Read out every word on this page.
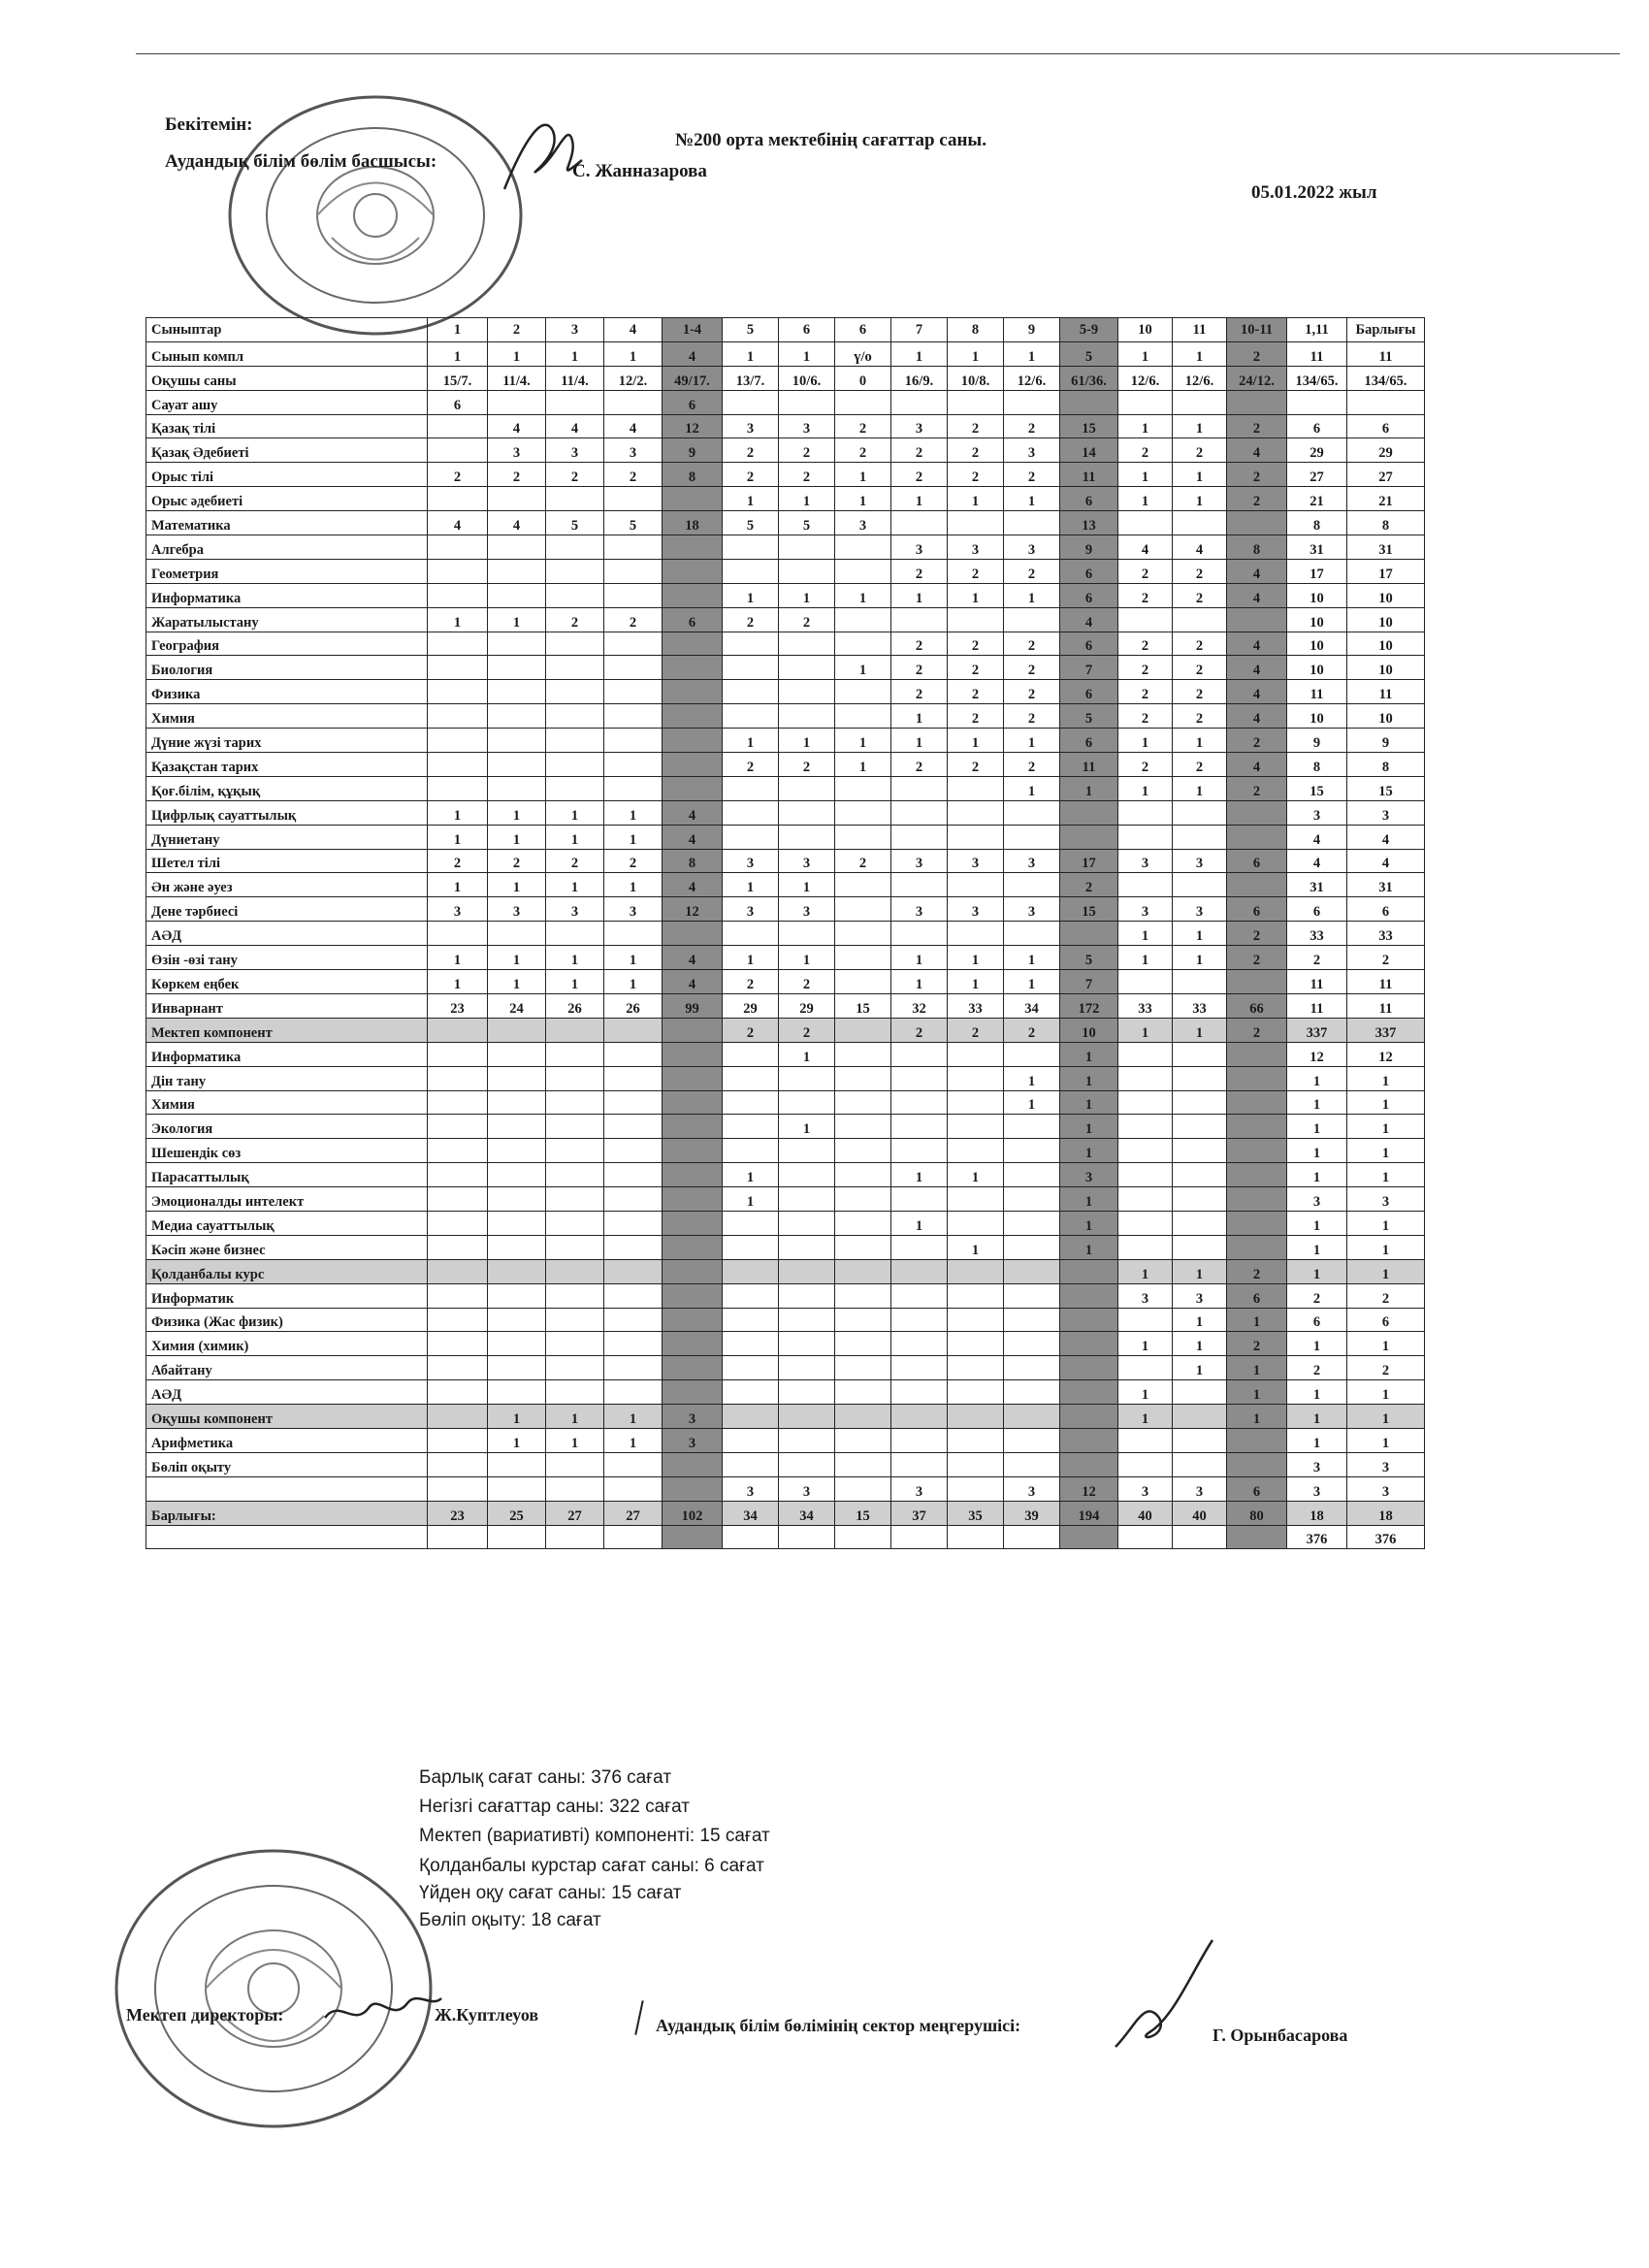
Бекітемін:
Аудандық білім бөлім басшысы:	С. Жанназарова
№200 орта мектебінің сағаттар саны.
05.01.2022 жыл
Сыныптар	1	2	3	4	1-4	5	6	6	7	8	9	5-9	10	11	10-11	1,11	Барлығы
Сынып компл	1	1	1	1	4	1	1	ү/о	1	1	1	5	1	1	2	11	11
Оқушы саны	15/7.	11/4.	11/4.	12/2.	49/17.	13/7.	10/6.	0	16/9.	10/8.	12/6.	61/36.	12/6.	12/6.	24/12.	134/65.	134/65.
Сауат ашу	6				6												
Қазақ тілі		4	4	4	12	3	3	2	3	2	2	15	1	1	2	6	6
Қазақ Әдебиеті		3	3	3	9	2	2	2	2	2	3	14	2	2	4	29	29
Орыс тілі	2	2	2	2	8	2	2	1	2	2	2	11	1	1	2	27	27
Орыс әдебиеті						1	1	1	1	1	1	6	1	1	2	21	21
Математика	4	4	5	5	18	5	5	3				13				8	8
Алгебра									3	3	3	9	4	4	8	31	31
Геометрия									2	2	2	6	2	2	4	17	17
Информатика						1	1	1	1	1	1	6	2	2	4	10	10
Жаратылыстану	1	1	2	2	6	2	2					4				10	10
География									2	2	2	6	2	2	4	10	10
Биология								1	2	2	2	7	2	2	4	10	10
Физика									2	2	2	6	2	2	4	11	11
Химия									1	2	2	5	2	2	4	10	10
Дүние жүзі тарих						1	1	1	1	1	1	6	1	1	2	9	9
Қазақстан тарих						2	2	1	2	2	2	11	2	2	4	8	8
Қоғ.білім, құқық											1	1	1	1	2	15	15
Цифрлық сауаттылық	1	1	1	1	4											3	3
Дүниетану	1	1	1	1	4											4	4
Шетел тілі	2	2	2	2	8	3	3	2	3	3	3	17	3	3	6	4	4
Ән және әуез	1	1	1	1	4	1	1					2				31	31
Дене тәрбиесі	3	3	3	3	12	3	3		3	3	3	15	3	3	6	6	6
АӘД													1	1	2	33	33
Өзін -өзі тану	1	1	1	1	4	1	1		1	1	1	5	1	1	2	2	2
Көркем еңбек	1	1	1	1	4	2	2		1	1	1	7				11	11
Инварнант	23	24	26	26	99	29	29	15	32	33	34	172	33	33	66	11	11
Мектеп компонент						2	2		2	2	2	10	1	1	2	337	337
Информатика							1					1				12	12
Дін тану											1	1				1	1
Химия											1	1				1	1
Экология							1					1				1	1
Шешендік сөз												1				1	1
Парасаттылық						1			1	1		3				1	1
Эмоционалды интелект						1						1				3	3
Медиа сауаттылық									1			1				1	1
Кәсіп және бизнес										1		1				1	1
Қолданбалы курс													1	1	2	1	1
Информатик													3	3	6	2	2
Физика (Жас физик)														1	1	6	6
Химия (химик)													1	1	2	1	1
Абайтану														1	1	2	2
АӘД													1		1	1	1
Оқушы компонент		1	1	1	3								1		1	1	1
Арифметика		1	1	1	3											1	1
Бөліп оқыту																3	3
						3	3		3		3	12	3	3	6	3	3
Барлығы:	23	25	27	27	102	34	34	15	37	35	39	194	40	40	80	18	18
																376	376
Барлық сағат саны: 376 сағат
Негізгі сағаттар саны: 322 сағат
Мектеп (вариативті) компоненті: 15 сағат
Қолданбалы курстар сағат саны: 6 сағат
Үйден оқу сағат саны: 15 сағат
Бөліп оқыту: 18 сағат
Мектеп директоры:	Ж.Куптлеуов
Аудандық білім бөлімінің сектор меңгерушісі:	Г. Орынбасарова
